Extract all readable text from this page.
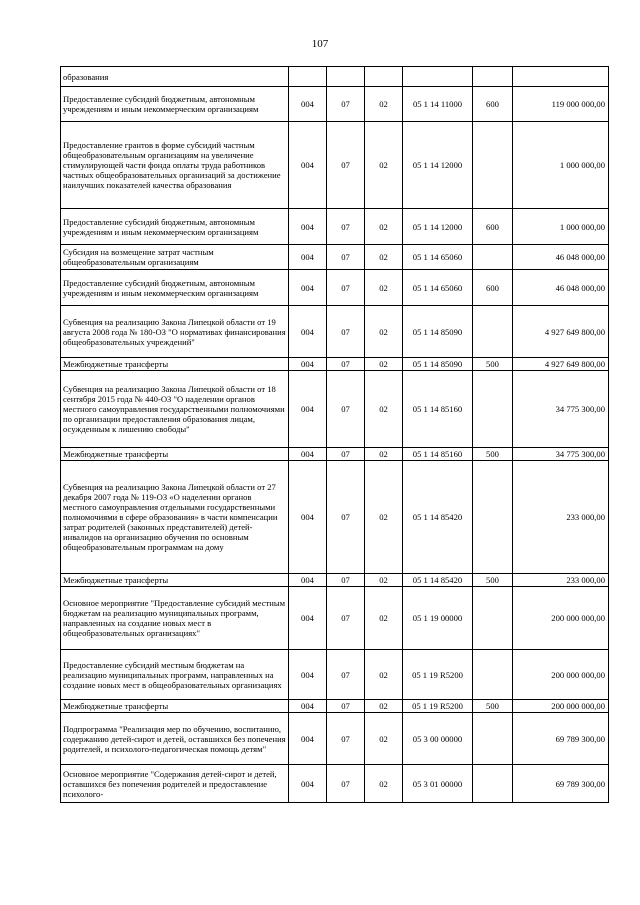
107
образования						
Предоставление субсидий бюджетным, автономным учреждениям и иным некоммерческим организациям	004	07	02	05 1 14 11000	600	119 000 000,00
Предоставление грантов в форме субсидий частным общеобразовательным организациям на увеличение стимулирующей части фонда оплаты труда работников частных общеобразовательных организаций за достижение наилучших показателей качества образования	004	07	02	05 1 14 12000		1 000 000,00
Предоставление субсидий бюджетным, автономным учреждениям и иным некоммерческим организациям	004	07	02	05 1 14 12000	600	1 000 000,00
Субсидия на возмещение затрат частным общеобразовательным организациям	004	07	02	05 1 14 65060		46 048 000,00
Предоставление субсидий бюджетным, автономным учреждениям и иным некоммерческим организациям	004	07	02	05 1 14 65060	600	46 048 000,00
Субвенция на реализацию Закона Липецкой области от 19 августа 2008 года № 180-ОЗ "О нормативах финансирования общеобразовательных учреждений"	004	07	02	05 1 14 85090		4 927 649 800,00
Межбюджетные трансферты	004	07	02	05 1 14 85090	500	4 927 649 800,00
Субвенция на реализацию Закона Липецкой области от 18 сентября 2015 года № 440-ОЗ "О наделении органов местного самоуправления государственными полномочиями по организации предоставления образования лицам, осужденным к лишению свободы"	004	07	02	05 1 14 85160		34 775 300,00
Межбюджетные трансферты	004	07	02	05 1 14 85160	500	34 775 300,00
Субвенция на реализацию Закона Липецкой области от 27 декабря 2007 года № 119-ОЗ «О наделении органов местного самоуправления отдельными государственными полномочиями в сфере образования» в части компенсации затрат родителей (законных представителей) детей-инвалидов на организацию обучения по основным общеобразовательным программам на дому	004	07	02	05 1 14 85420		233 000,00
Межбюджетные трансферты	004	07	02	05 1 14 85420	500	233 000,00
Основное мероприятие "Предоставление субсидий местным бюджетам на реализацию муниципальных программ, направленных на создание новых мест в общеобразовательных организациях"	004	07	02	05 1 19 00000		200 000 000,00
Предоставление субсидий местным бюджетам на реализацию муниципальных программ, направленных на создание новых мест в общеобразовательных организациях	004	07	02	05 1 19 R5200		200 000 000,00
Межбюджетные трансферты	004	07	02	05 1 19 R5200	500	200 000 000,00
Подпрограмма "Реализация мер по обучению, воспитанию, содержанию детей-сирот и детей, оставшихся без попечения родителей, и психолого-педагогическая помощь детям"	004	07	02	05 3 00 00000		69 789 300,00
Основное мероприятие "Содержания детей-сирот и детей, оставшихся без попечения родителей и предоставление психолого-	004	07	02	05 3 01 00000		69 789 300,00
